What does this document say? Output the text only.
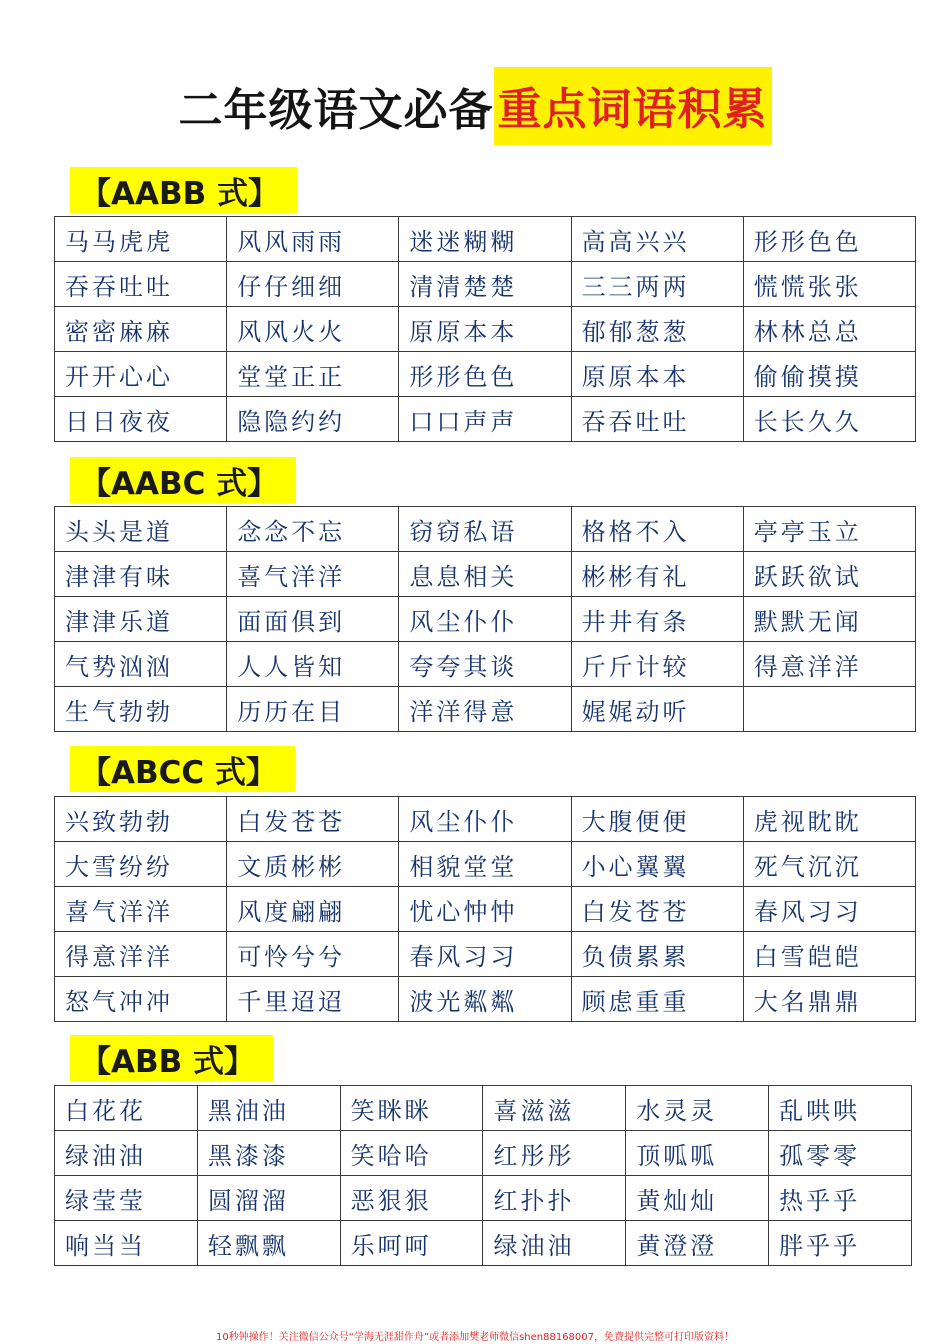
二年级语文必备 重点词语积累
【AABB 式】
马马虎虎	风风雨雨	迷迷糊糊	高高兴兴	形形色色
吞吞吐吐	仔仔细细	清清楚楚	三三两两	慌慌张张
密密麻麻	风风火火	原原本本	郁郁葱葱	林林总总
开开心心	堂堂正正	形形色色	原原本本	偷偷摸摸
日日夜夜	隐隐约约	口口声声	吞吞吐吐	长长久久
【AABC 式】
头头是道	念念不忘	窃窃私语	格格不入	亭亭玉立
津津有味	喜气洋洋	息息相关	彬彬有礼	跃跃欲试
津津乐道	面面俱到	风尘仆仆	井井有条	默默无闻
气势汹汹	人人皆知	夸夸其谈	斤斤计较	得意洋洋
生气勃勃	历历在目	洋洋得意	娓娓动听	
【ABCC 式】
兴致勃勃	白发苍苍	风尘仆仆	大腹便便	虎视眈眈
大雪纷纷	文质彬彬	相貌堂堂	小心翼翼	死气沉沉
喜气洋洋	风度翩翩	忧心忡忡	白发苍苍	春风习习
得意洋洋	可怜兮兮	春风习习	负债累累	白雪皑皑
怒气冲冲	千里迢迢	波光粼粼	顾虑重重	大名鼎鼎
【ABB 式】
白花花	黑油油	笑眯眯	喜滋滋	水灵灵	乱哄哄
绿油油	黑漆漆	笑哈哈	红彤彤	顶呱呱	孤零零
绿莹莹	圆溜溜	恶狠狠	红扑扑	黄灿灿	热乎乎
响当当	轻飘飘	乐呵呵	绿油油	黄澄澄	胖乎乎
10秒钟操作！关注微信公众号“学海无涯甜作舟”或者添加樊老师微信shen88168007，免费提供完整可打印版资料！
